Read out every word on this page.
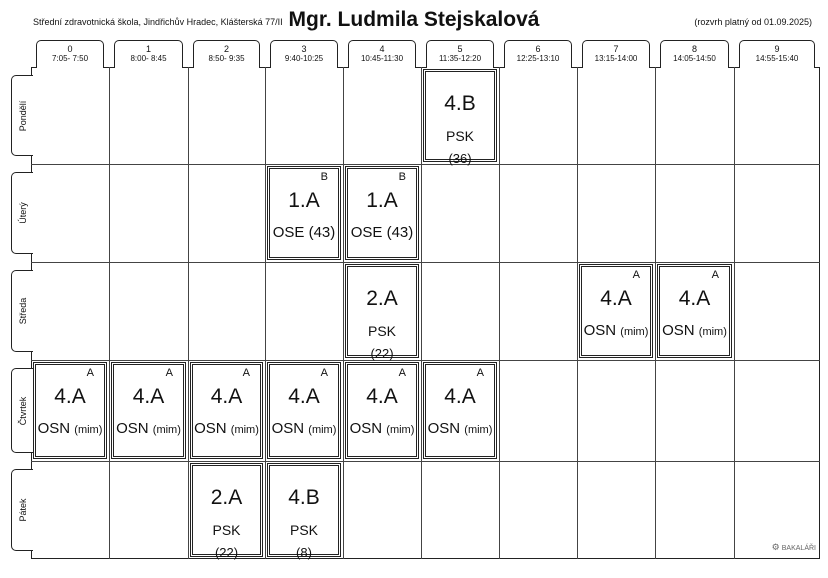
Střední zdravotnická škola, Jindřichův Hradec, Klášterská 77/II Mgr. Ludmila Stejskalová	(rozvrh platný od 01.09.2025)
0
7:05- 7:50
1
8:00- 8:45
2
8:50- 9:35
3
9:40-10:25
4
10:45-11:30
5
11:35-12:20
6
12:25-13:10
7
13:15-14:00
8
14:05-14:50
9
14:55-15:40
Pondělí
Úterý
Středa
Čtvrtek
Pátek
4.B
PSK
(36)
B
1.A
OSE (43)
B
1.A
OSE (43)
2.A
PSK
(22)
A
4.A
OSN (mim)
A
4.A
OSN (mim)
A
4.A
OSN (mim)
A
4.A
OSN (mim)
A
4.A
OSN (mim)
A
4.A
OSN (mim)
A
4.A
OSN (mim)
A
4.A
OSN (mim)
2.A
PSK
(22)
4.B
PSK
(8)	⚙ BAKALÁŘI
